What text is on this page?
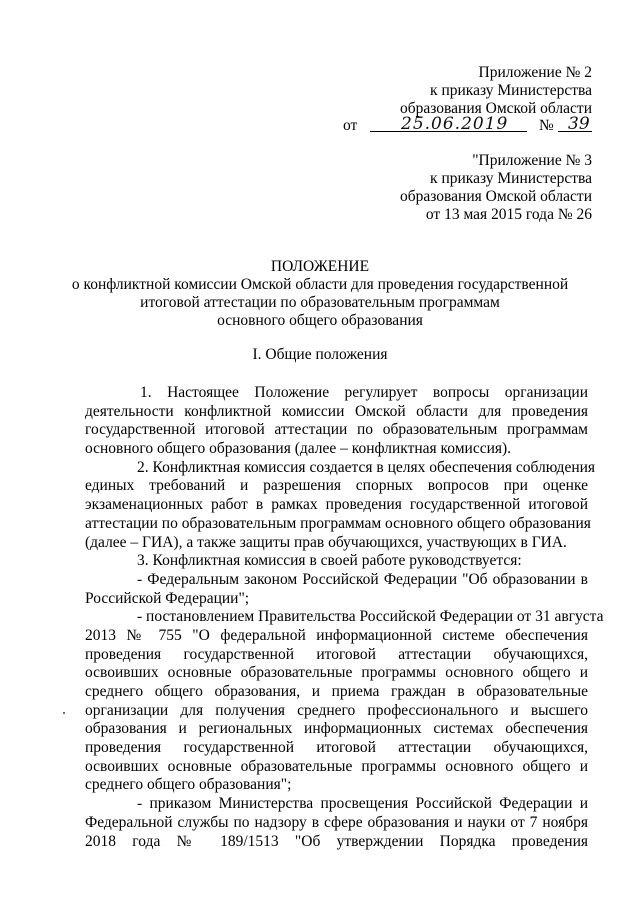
Приложение № 2
к приказу Министерства
образования Омской области
от	25.06.2019 № 39
"Приложение № 3
к приказу Министерства
образования Омской области
от 13 мая 2015 года № 26
ПОЛОЖЕНИЕ
о конфликтной комиссии Омской области для проведения государственной
итоговой аттестации по образовательным программам
основного общего образования
I. Общие положения
1. Настоящее Положение регулирует вопросы организации
деятельности конфликтной комиссии Омской области для проведения
государственной итоговой аттестации по образовательным программам
основного общего образования (далее – конфликтная комиссия).
2. Конфликтная комиссия создается в целях обеспечения соблюдения
единых требований и разрешения спорных вопросов при оценке
экзаменационных работ в рамках проведения государственной итоговой
аттестации по образовательным программам основного общего образования
(далее – ГИА), а также защиты прав обучающихся, участвующих в ГИА.
3. Конфликтная комиссия в своей работе руководствуется:
- Федеральным законом Российской Федерации "Об образовании в
Российской Федерации";
- постановлением Правительства Российской Федерации от 31 августа
2013 № 755 "О федеральной информационной системе обеспечения
проведения государственной итоговой аттестации обучающихся,
освоивших основные образовательные программы основного общего и
среднего общего образования, и приема граждан в образовательные
организации для получения среднего профессионального и высшего
образования и региональных информационных системах обеспечения
проведения государственной итоговой аттестации обучающихся,
освоивших основные образовательные программы основного общего и
среднего общего образования";
- приказом Министерства просвещения Российской Федерации и
Федеральной службы по надзору в сфере образования и науки от 7 ноября
2018 года № 189/1513 "Об утверждении Порядка проведения
